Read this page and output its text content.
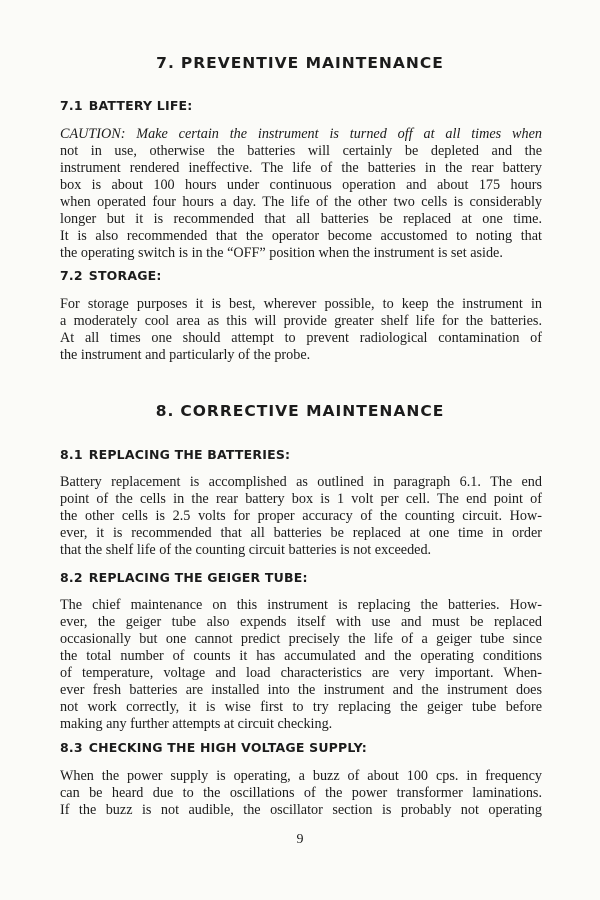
7. PREVENTIVE MAINTENANCE
7.1 BATTERY LIFE:
CAUTION: Make certain the instrument is turned off at all times when
not in use, otherwise the batteries will certainly be depleted and the
instrument rendered ineffective. The life of the batteries in the rear battery
box is about 100 hours under continuous operation and about 175 hours
when operated four hours a day. The life of the other two cells is considerably
longer but it is recommended that all batteries be replaced at one time.
It is also recommended that the operator become accustomed to noting that
the operating switch is in the “OFF” position when the instrument is set aside.
7.2 STORAGE:
For storage purposes it is best, wherever possible, to keep the instrument in
a moderately cool area as this will provide greater shelf life for the batteries.
At all times one should attempt to prevent radiological contamination of
the instrument and particularly of the probe.
8. CORRECTIVE MAINTENANCE
8.1 REPLACING THE BATTERIES:
Battery replacement is accomplished as outlined in paragraph 6.1. The end
point of the cells in the rear battery box is 1 volt per cell. The end point of
the other cells is 2.5 volts for proper accuracy of the counting circuit. How-
ever, it is recommended that all batteries be replaced at one time in order
that the shelf life of the counting circuit batteries is not exceeded.
8.2 REPLACING THE GEIGER TUBE:
The chief maintenance on this instrument is replacing the batteries. How-
ever, the geiger tube also expends itself with use and must be replaced
occasionally but one cannot predict precisely the life of a geiger tube since
the total number of counts it has accumulated and the operating conditions
of temperature, voltage and load characteristics are very important. When-
ever fresh batteries are installed into the instrument and the instrument does
not work correctly, it is wise first to try replacing the geiger tube before
making any further attempts at circuit checking.
8.3 CHECKING THE HIGH VOLTAGE SUPPLY:
When the power supply is operating, a buzz of about 100 cps. in frequency
can be heard due to the oscillations of the power transformer laminations.
If the buzz is not audible, the oscillator section is probably not operating
9
